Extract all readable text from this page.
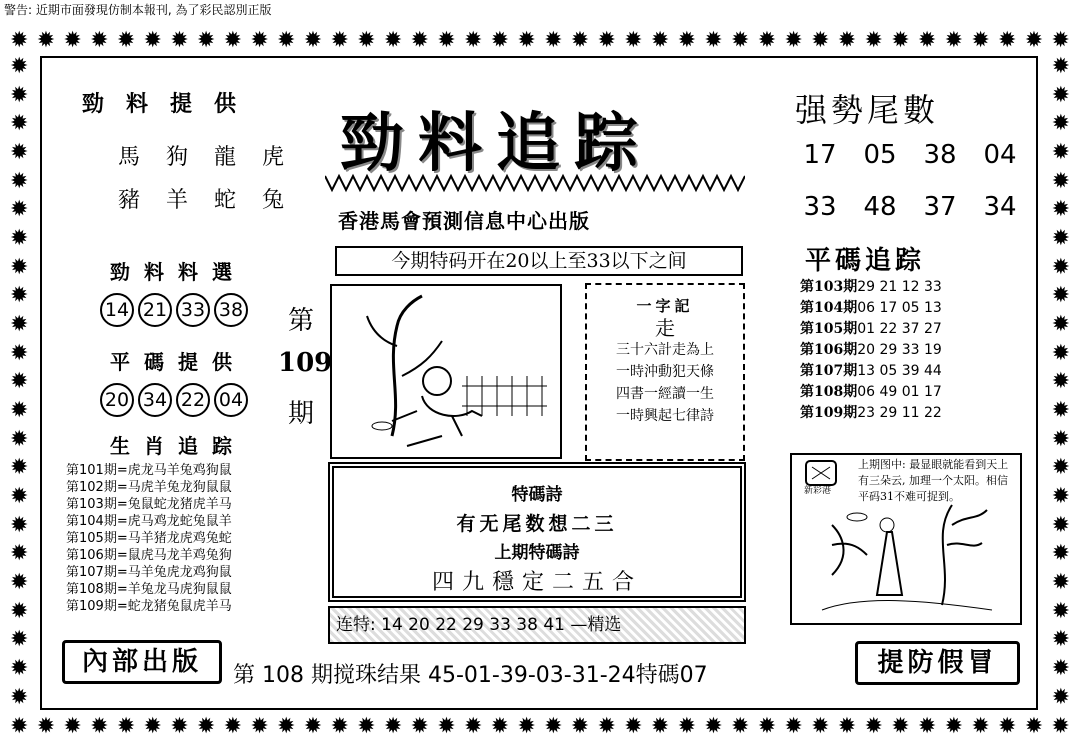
警告: 近期市面發現仿制本報刊, 為了彩民認別正版
✹ ✹ ✹ ✹ ✹ ✹ ✹ ✹ ✹ ✹ ✹ ✹ ✹ ✹ ✹ ✹ ✹ ✹ ✹ ✹ ✹ ✹ ✹ ✹ ✹ ✹ ✹ ✹ ✹ ✹ ✹ ✹ ✹ ✹ ✹ ✹ ✹ ✹ ✹ ✹
✹ ✹ ✹ ✹ ✹ ✹ ✹ ✹ ✹ ✹ ✹ ✹ ✹ ✹ ✹ ✹ ✹ ✹ ✹ ✹ ✹ ✹ ✹ ✹ ✹ ✹ ✹ ✹ ✹ ✹ ✹ ✹ ✹ ✹ ✹ ✹ ✹ ✹ ✹ ✹
✹
✹
✹
✹
✹
✹
✹
✹
✹
✹
✹
✹
✹
✹
✹
✹
✹
✹
✹
✹
✹
✹
✹
✹
✹
✹
✹
✹
✹
✹
✹
✹
✹
✹
✹
✹
✹
✹
✹
✹
✹
✹
✹
✹
✹
✹
勁料提供
馬狗龍虎
豬羊蛇兔
勁料料選
14 21 33 38
平碼提供
20 34 22 04
生肖追踪
第101期=虎龙马羊兔鸡狗鼠
第102期=马虎羊兔龙狗鼠鼠
第103期=兔鼠蛇龙猪虎羊马
第104期=虎马鸡龙蛇兔鼠羊
第105期=马羊猪龙虎鸡兔蛇
第106期=鼠虎马龙羊鸡兔狗
第107期=马羊兔虎龙鸡狗鼠
第108期=羊兔龙马虎狗鼠鼠
第109期=蛇龙猪兔鼠虎羊马
內部出版
勁料追踪
香港馬會預測信息中心出版
今期特码开在20以上至33以下之间
第
109
期
一字記
走
三十六計走為上
一時沖動犯天條
四書一經讀一生
一時興起七律詩
特碼詩
有无尾数想二三
上期特碼詩
四九穩定二五合
连特: 14 20 22 29 33 38 41 —精选
第 108 期搅珠结果 45-01-39-03-31-24特碼07
强勢尾數
17	05	38	04
33	48	37	34
平碼追踪
第103期29 21 12 33
第104期06 17 05 13
第105期01 22 37 27
第106期20 29 33 19
第107期13 05 39 44
第108期06 49 01 17
第109期23 29 11 22
新彩港
上期图中: 最显眼就能看到天上有三朵云, 加理一个太阳。相信平码31不难可捉到。
提防假冒
